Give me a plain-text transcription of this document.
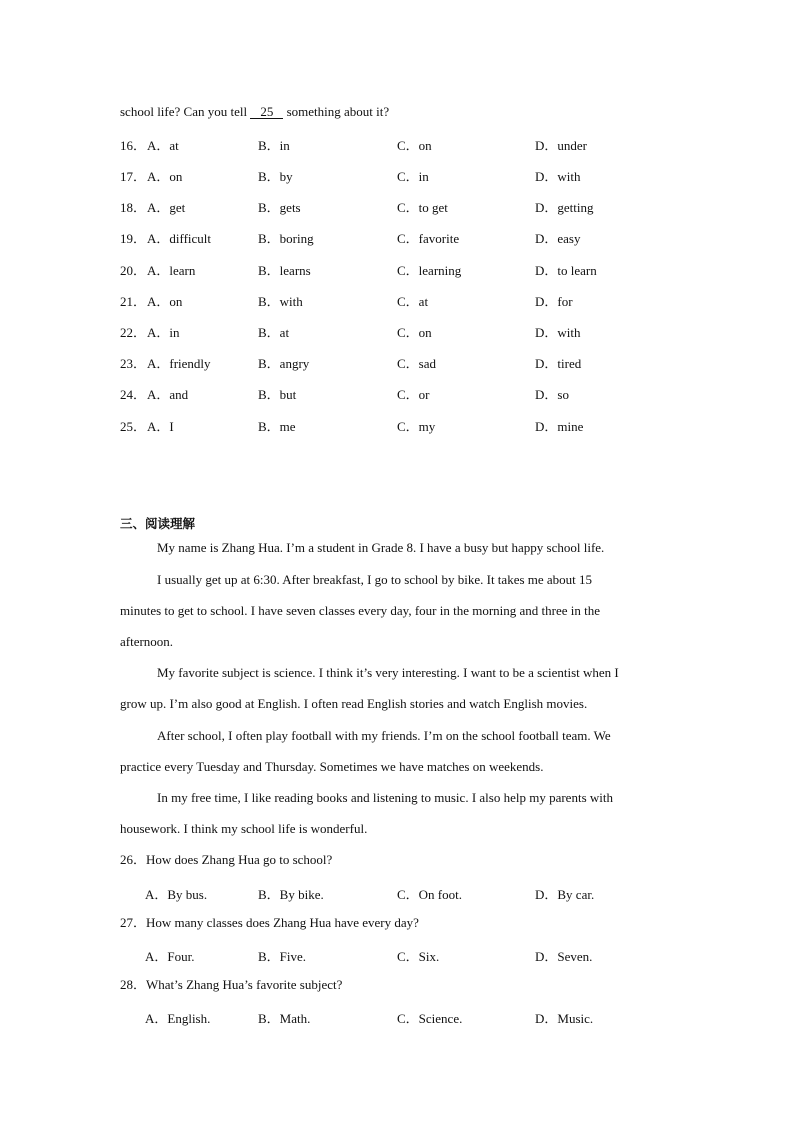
school life? Can you tell 25 something about it?
16． A．at	B．in	C．on	D．under
17． A．on	B．by	C．in	D．with
18． A．get	B．gets	C．to get	D．getting
19． A．difficult	B．boring	C．favorite	D．easy
20． A．learn	B．learns	C．learning	D．to learn
21． A．on	B．with	C．at	D．for
22． A．in	B．at	C．on	D．with
23． A．friendly	B．angry	C．sad	D．tired
24． A．and	B．but	C．or	D．so
25． A．I	B．me	C．my	D．mine
三、阅读理解
My name is Zhang Hua. I’m a student in Grade 8. I have a busy but happy school life.
I usually get up at 6:30. After breakfast, I go to school by bike. It takes me about 15
minutes to get to school. I have seven classes every day, four in the morning and three in the
afternoon.
My favorite subject is science. I think it’s very interesting. I want to be a scientist when I
grow up. I’m also good at English. I often read English stories and watch English movies.
After school, I often play football with my friends. I’m on the school football team. We
practice every Tuesday and Thursday. Sometimes we have matches on weekends.
In my free time, I like reading books and listening to music. I also help my parents with
housework. I think my school life is wonderful.
26．How does Zhang Hua go to school?
A．By bus.	B．By bike.	C．On foot.	D．By car.
27．How many classes does Zhang Hua have every day?
A．Four.	B．Five.	C．Six.	D．Seven.
28．What’s Zhang Hua’s favorite subject?
A．English.	B．Math.	C．Science.	D．Music.
